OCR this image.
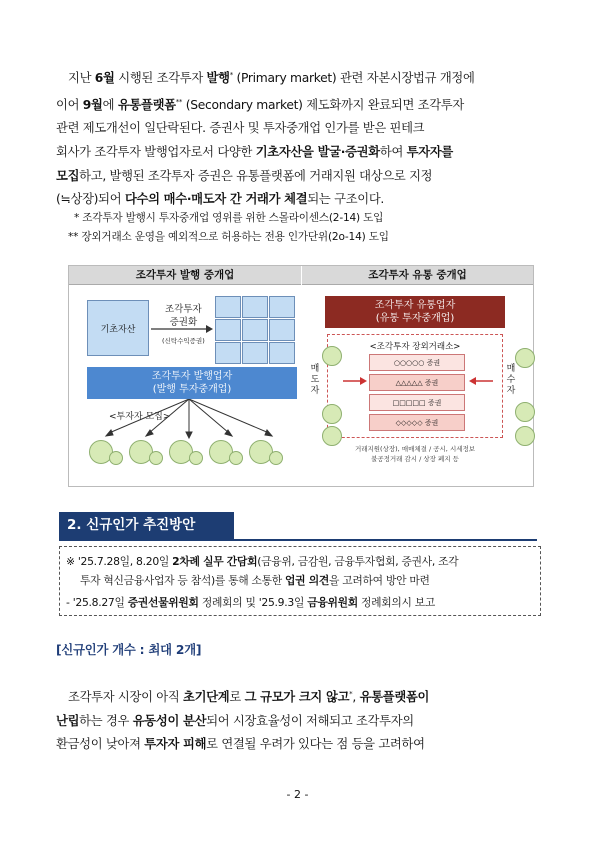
지난 6월 시행된 조각투자 발행* (Primary market) 관련 자본시장법규 개정에
이어 9월에 유통플랫폼** (Secondary market) 제도화까지 완료되면 조각투자
관련 제도개선이 일단락된다. 증권사 및 투자중개업 인가를 받은 핀테크
회사가 조각투자 발행업자로서 다양한 기초자산을 발굴·증권화하여 투자자를
모집하고, 발행된 조각투자 증권은 유통플랫폼에 거래지원 대상으로 지정
(≒상장)되어 다수의 매수·매도자 간 거래가 체결되는 구조이다.
* 조각투자 발행시 투자중개업 영위를 위한 스몰라이센스(2-14) 도입
** 장외거래소 운영을 예외적으로 허용하는 전용 인가단위(2o-14) 도입
조각투자 발행 중개업	조각투자 유통 중개업
기초자산
조각투자
증권화
(신탁수익증권)
조각투자 발행업자
(발행 투자중개업)
<투자자 모집>
조각투자 유통업자
(유통 투자중개업)
<조각투자 장외거래소>
○○○○○ 증권
△△△△△ 증권
□□□□□ 증권
◇◇◇◇◇ 증권
매도자
매수자
거래지원(상장), 매매체결 / 공시, 시세정보
불공정거래 감시 / 상장 폐지 등
2. 신규인가 추진방안
※ '25.7.28일, 8.20일 2차례 실무 간담회(금융위, 금감원, 금융투자협회, 증권사, 조각
투자 혁신금융사업자 등 참석)를 통해 소통한 업권 의견을 고려하여 방안 마련
- '25.8.27일 증권선물위원회 정례회의 및 '25.9.3일 금융위원회 정례회의시 보고
[신규인가 개수 : 최대 2개]
조각투자 시장이 아직 초기단계로 그 규모가 크지 않고*, 유통플랫폼이
난립하는 경우 유동성이 분산되어 시장효율성이 저해되고 조각투자의
환금성이 낮아져 투자자 피해로 연결될 우려가 있다는 점 등을 고려하여
- 2 -
